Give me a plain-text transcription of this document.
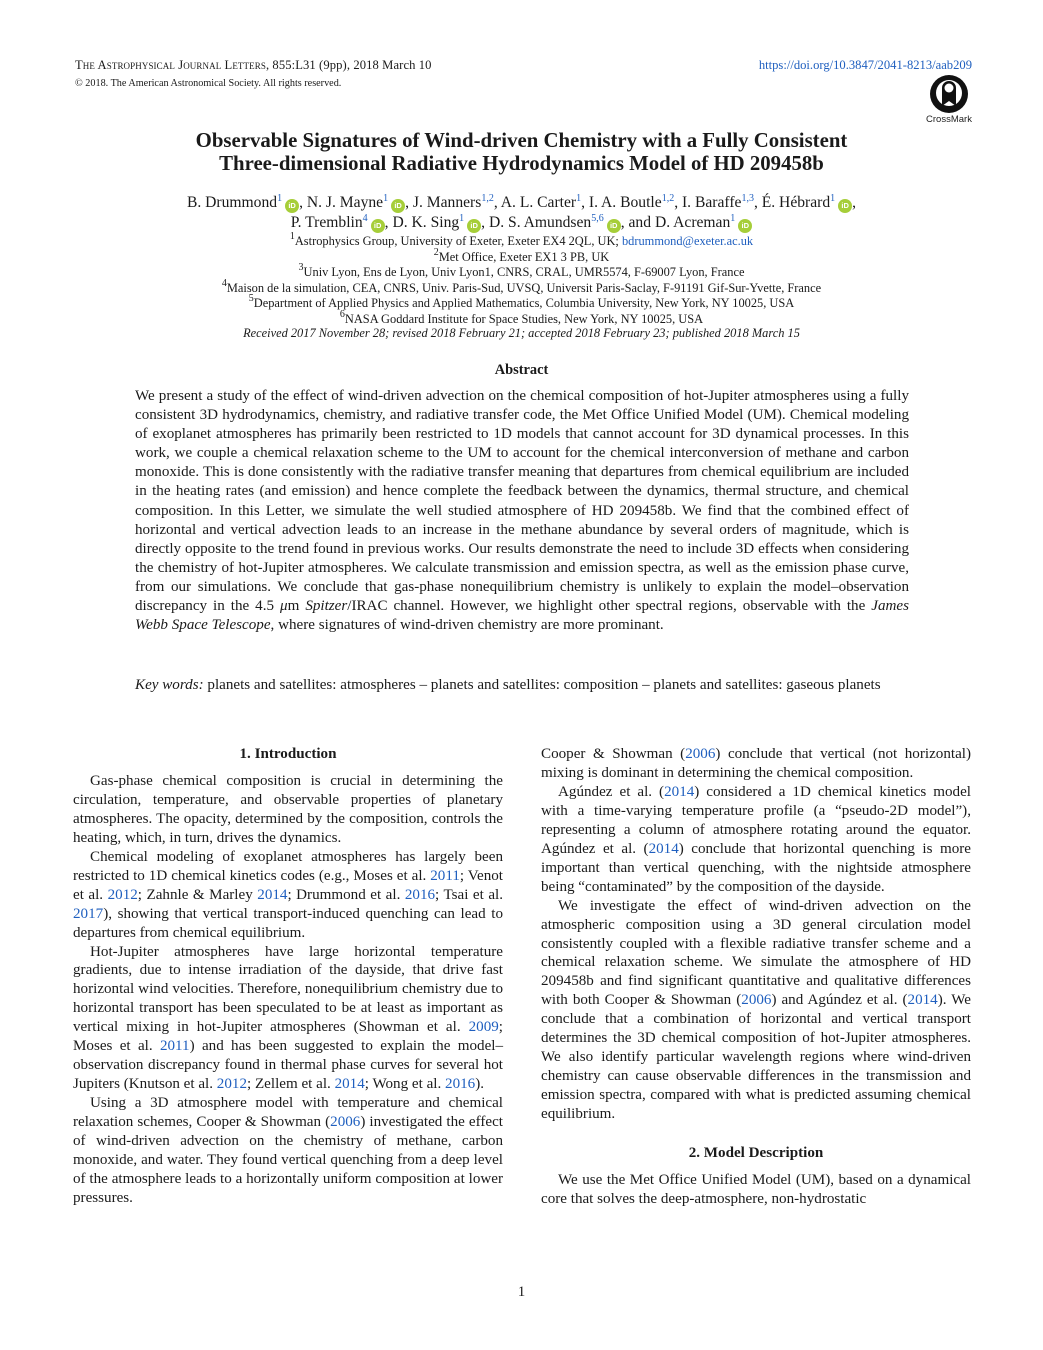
The Astrophysical Journal Letters, 855:L31 (9pp), 2018 March 10
© 2018. The American Astronomical Society. All rights reserved.
https://doi.org/10.3847/2041-8213/aab209
CrossMark
Observable Signatures of Wind-driven Chemistry with a Fully Consistent
Three-dimensional Radiative Hydrodynamics Model of HD 209458b
B. Drummond$^1$iD , N. J. Mayne$^1$iD , J. Manners$^{1,2}$, A. L. Carter$^1$, I. A. Boutle$^{1,2}$, I. Baraffe$^{1,3}$, É. Hébrard$^1$iD ,
P. Tremblin$^4$iD , D. K. Sing$^1$iD , D. S. Amundsen$^{5,6}$iD , and D. Acreman$^1$iD
$^1$Astrophysics Group, University of Exeter, Exeter EX4 2QL, UK; bdrummond@exeter.ac.uk
$^2$Met Office, Exeter EX1 3 PB, UK
$^3$Univ Lyon, Ens de Lyon, Univ Lyon1, CNRS, CRAL, UMR5574, F-69007 Lyon, France
$^4$Maison de la simulation, CEA, CNRS, Univ. Paris-Sud, UVSQ, Universit Paris-Saclay, F-91191 Gif-Sur-Yvette, France
$^5$Department of Applied Physics and Applied Mathematics, Columbia University, New York, NY 10025, USA
$^6$NASA Goddard Institute for Space Studies, New York, NY 10025, USA
Received 2017 November 28; revised 2018 February 21; accepted 2018 February 23; published 2018 March 15
Abstract
We present a study of the effect of wind-driven advection on the chemical composition of hot-Jupiter atmospheres using a fully consistent 3D hydrodynamics, chemistry, and radiative transfer code, the Met Office Unified Model (UM). Chemical modeling of exoplanet atmospheres has primarily been restricted to 1D models that cannot account for 3D dynamical processes. In this work, we couple a chemical relaxation scheme to the UM to account for the chemical interconversion of methane and carbon monoxide. This is done consistently with the radiative transfer meaning that departures from chemical equilibrium are included in the heating rates (and emission) and hence complete the feedback between the dynamics, thermal structure, and chemical composition. In this Letter, we simulate the well studied atmosphere of HD 209458b. We find that the combined effect of horizontal and vertical advection leads to an increase in the methane abundance by several orders of magnitude, which is directly opposite to the trend found in previous works. Our results demonstrate the need to include 3D effects when considering the chemistry of hot-Jupiter atmospheres. We calculate transmission and emission spectra, as well as the emission phase curve, from our simulations. We conclude that gas-phase nonequilibrium chemistry is unlikely to explain the model–observation discrepancy in the 4.5 μm Spitzer/IRAC channel. However, we highlight other spectral regions, observable with the James Webb Space Telescope, where signatures of wind-driven chemistry are more prominant.
Key words: planets and satellites: atmospheres – planets and satellites: composition – planets and satellites: gaseous planets
1. Introduction

Gas-phase chemical composition is crucial in determining the circulation, temperature, and observable properties of planetary atmospheres. The opacity, determined by the composition, controls the heating, which, in turn, drives the dynamics.

Chemical modeling of exoplanet atmospheres has largely been restricted to 1D chemical kinetics codes (e.g., Moses et al. 2011; Venot et al. 2012; Zahnle & Marley 2014; Drummond et al. 2016; Tsai et al. 2017), showing that vertical transport-induced quenching can lead to departures from chemical equilibrium.

Hot-Jupiter atmospheres have large horizontal temperature gradients, due to intense irradiation of the dayside, that drive fast horizontal wind velocities. Therefore, nonequilibrium chemistry due to horizontal transport has been speculated to be at least as important as vertical mixing in hot-Jupiter atmospheres (Showman et al. 2009; Moses et al. 2011) and has been suggested to explain the model–observation discrepancy found in thermal phase curves for several hot Jupiters (Knutson et al. 2012; Zellem et al. 2014; Wong et al. 2016).

Using a 3D atmosphere model with temperature and chemical relaxation schemes, Cooper & Showman (2006) investigated the effect of wind-driven advection on the chemistry of methane, carbon monoxide, and water. They found vertical quenching from a deep level of the atmosphere leads to a horizontally uniform composition at lower pressures.

Cooper & Showman (2006) conclude that vertical (not horizontal) mixing is dominant in determining the chemical composition.

Agúndez et al. (2014) considered a 1D chemical kinetics model with a time-varying temperature profile (a “pseudo-2D model”), representing a column of atmosphere rotating around the equator. Agúndez et al. (2014) conclude that horizontal quenching is more important than vertical quenching, with the nightside atmosphere being “contaminated” by the composition of the dayside.

We investigate the effect of wind-driven advection on the atmospheric composition using a 3D general circulation model consistently coupled with a flexible radiative transfer scheme and a chemical relaxation scheme. We simulate the atmosphere of HD 209458b and find significant quantitative and qualitative differences with both Cooper & Showman (2006) and Agúndez et al. (2014). We conclude that a combination of horizontal and vertical transport determines the 3D chemical composition of hot-Jupiter atmospheres. We also identify particular wavelength regions where wind-driven chemistry can cause observable differences in the transmission and emission spectra, compared with what is predicted assuming chemical equilibrium.

2. Model Description

We use the Met Office Unified Model (UM), based on a dynamical core that solves the deep-atmosphere, non-hydrostatic

1
